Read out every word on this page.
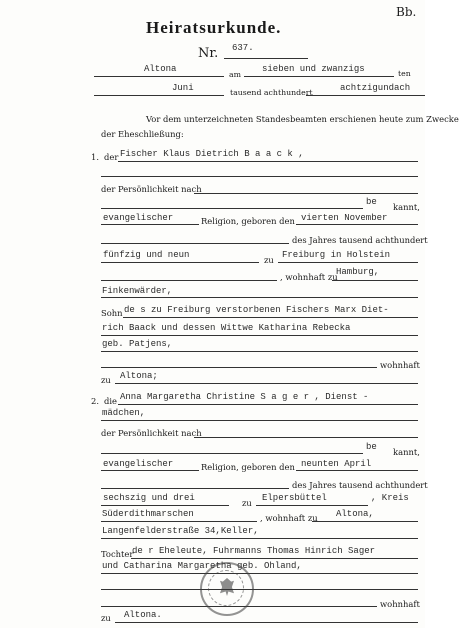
Bb.
Heiratsurkunde.
Nr. 637.
Altona
am
sieben und zwanzigs	ten
Juni	tausend achthundert	achtzigundach
Vor dem unterzeichneten Standesbeamten erschienen heute zum Zwecke
der Eheschließung:
1. der Fischer Klaus Dietrich B a a c k ,
der Persönlichkeit nach
be kannt,
evangelischer	Religion, geboren den vierten November
des Jahres tausend achthundert
fünfzig und neun	zu Freiburg in Holstein
, wohnhaft zu
Hamburg,
Finkenwärder,
Sohn de s zu Freiburg verstorbenen Fischers Marx Diet-
rich Baack und dessen Wittwe Katharina Rebecka
geb. Patjens,
wohnhaft
zu Altona;
2. die Anna Margaretha Christine S a g e r , Dienst -
mädchen,
der Persönlichkeit nach
be kannt,
evangelischer	Religion, geboren den neunten April
des Jahres tausend achthundert
sechszig und drei	zu Elpersbüttel	, Kreis
Süderdithmarschen	, wohnhaft zu Altona,
Langenfelderstraße 34,Keller,
Tochter
de r Eheleute, Fuhrmanns Thomas Hinrich Sager
und Catharina Margaretha geb. Ohland,
wohnhaft
zu Altona.
